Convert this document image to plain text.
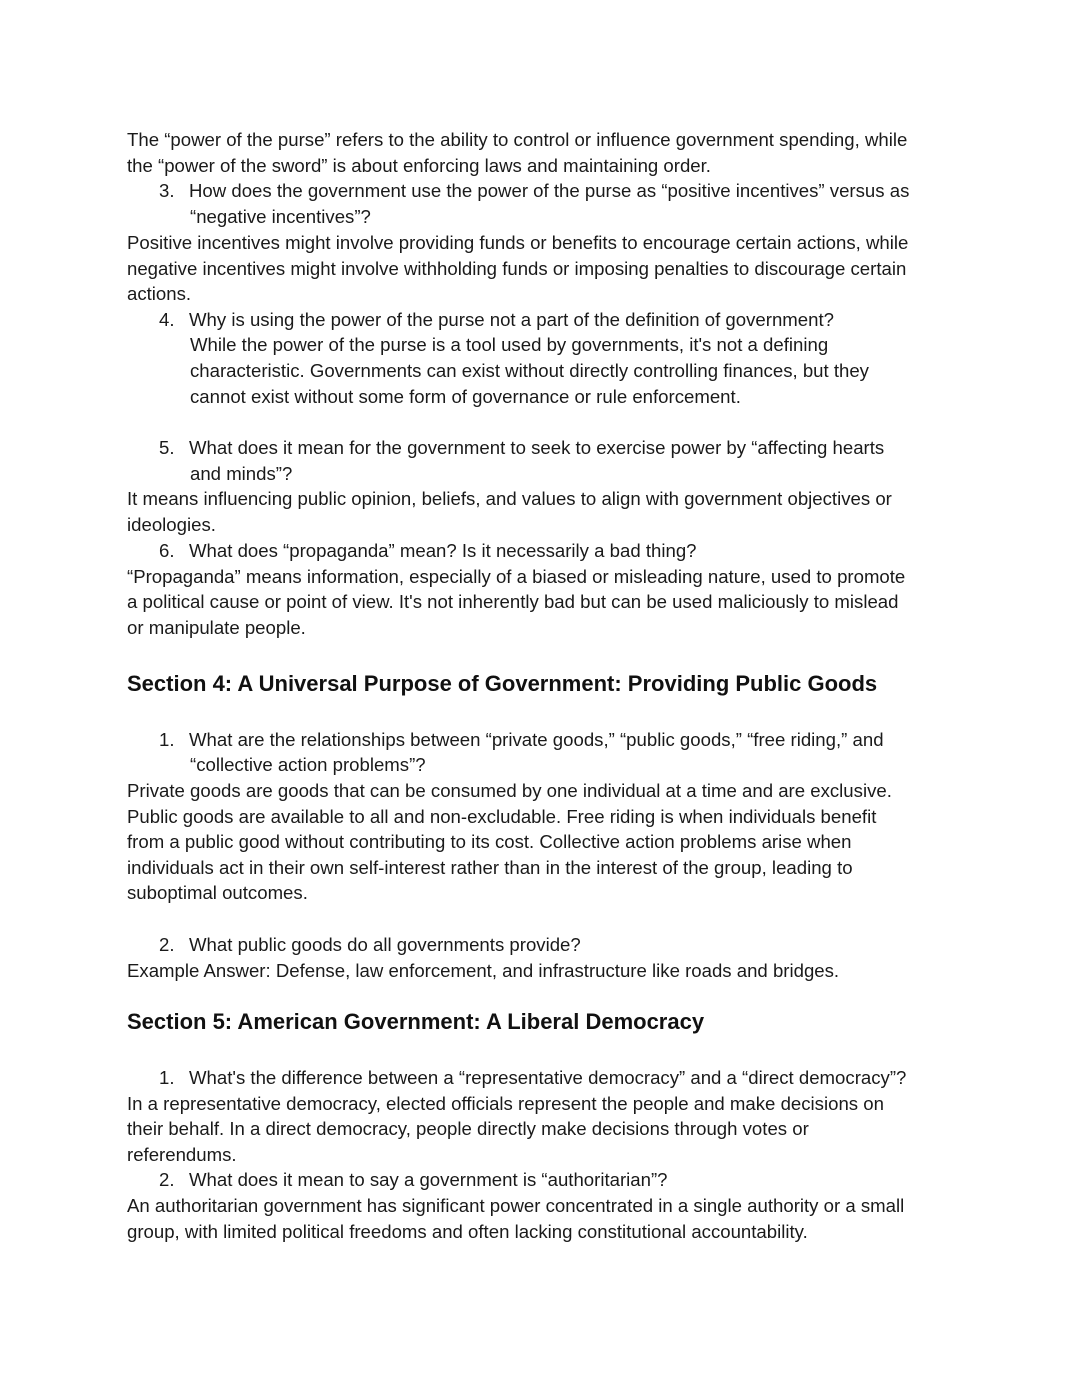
The “power of the purse” refers to the ability to control or influence government spending, while
the “power of the sword” is about enforcing laws and maintaining order.
3. How does the government use the power of the purse as “positive incentives” versus as
“negative incentives”?
Positive incentives might involve providing funds or benefits to encourage certain actions, while
negative incentives might involve withholding funds or imposing penalties to discourage certain
actions.
4. Why is using the power of the purse not a part of the definition of government?
While the power of the purse is a tool used by governments, it's not a defining
characteristic. Governments can exist without directly controlling finances, but they
cannot exist without some form of governance or rule enforcement.
5. What does it mean for the government to seek to exercise power by “affecting hearts
and minds”?
It means influencing public opinion, beliefs, and values to align with government objectives or
ideologies.
6. What does “propaganda” mean? Is it necessarily a bad thing?
“Propaganda” means information, especially of a biased or misleading nature, used to promote
a political cause or point of view. It's not inherently bad but can be used maliciously to mislead
or manipulate people.
Section 4: A Universal Purpose of Government: Providing Public Goods
1. What are the relationships between “private goods,” “public goods,” “free riding,” and
“collective action problems”?
Private goods are goods that can be consumed by one individual at a time and are exclusive.
Public goods are available to all and non-excludable. Free riding is when individuals benefit
from a public good without contributing to its cost. Collective action problems arise when
individuals act in their own self-interest rather than in the interest of the group, leading to
suboptimal outcomes.
2. What public goods do all governments provide?
Example Answer: Defense, law enforcement, and infrastructure like roads and bridges.
Section 5: American Government: A Liberal Democracy
1. What's the difference between a “representative democracy” and a “direct democracy”?
In a representative democracy, elected officials represent the people and make decisions on
their behalf. In a direct democracy, people directly make decisions through votes or
referendums.
2. What does it mean to say a government is “authoritarian”?
An authoritarian government has significant power concentrated in a single authority or a small
group, with limited political freedoms and often lacking constitutional accountability.
